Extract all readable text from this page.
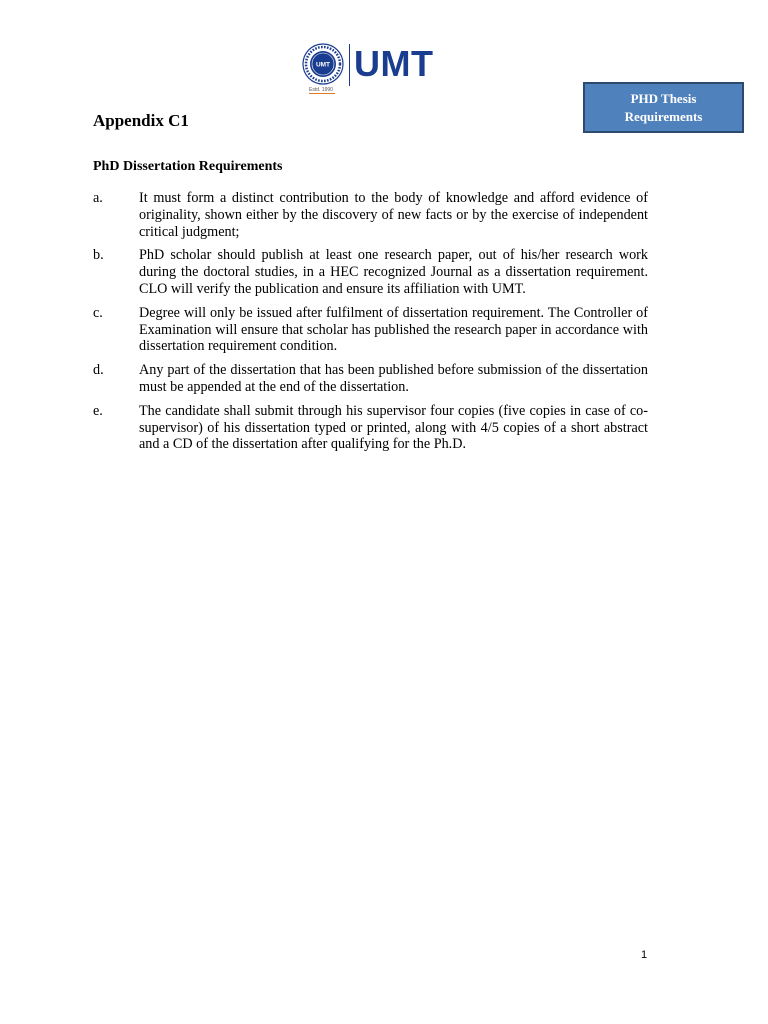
UMT UMT
Estd. 1990
PHD Thesis
Requirements
Appendix C1
PhD Dissertation Requirements
a.	It must form a distinct contribution to the body of knowledge and afford evidence of originality, shown either by the discovery of new facts or by the exercise of independent critical judgment;
b. PhD scholar should publish at least one research paper, out of his/her research work during the doctoral studies, in a HEC recognized Journal as a dissertation requirement. CLO will verify the publication and ensure its affiliation with UMT.
c.	Degree will only be issued after fulfilment of dissertation requirement. The Controller of Examination will ensure that scholar has published the research paper in accordance with dissertation requirement condition.
d. Any part of the dissertation that has been published before submission of the dissertation must be appended at the end of the dissertation.
e.	The candidate shall submit through his supervisor four copies (five copies in case of co-supervisor) of his dissertation typed or printed, along with 4/5 copies of a short abstract and a CD of the dissertation after qualifying for the Ph.D.
1
